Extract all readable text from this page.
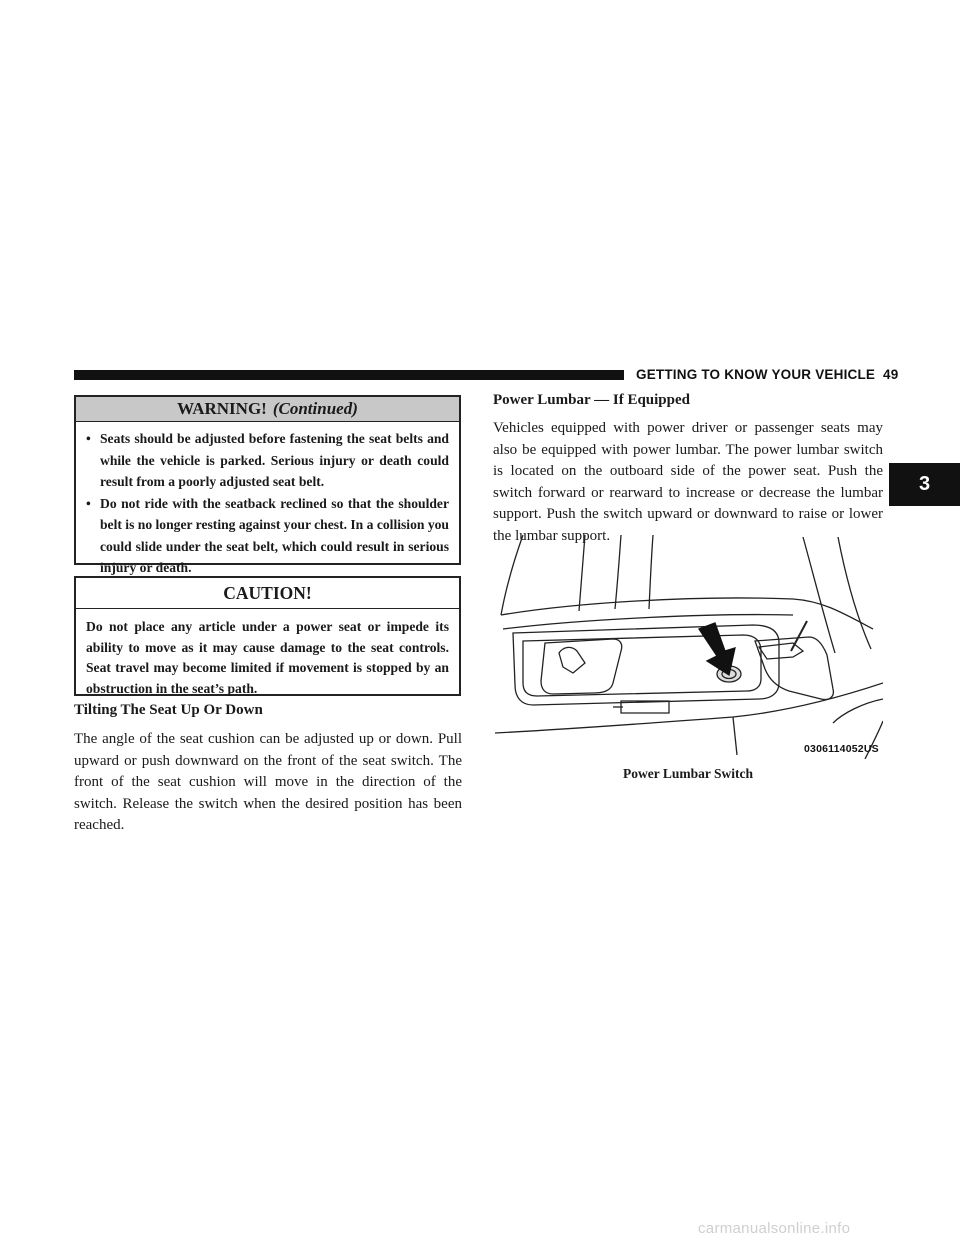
GETTING TO KNOW YOUR VEHICLE 49
3
WARNING! (Continued)
• Seats should be adjusted before fastening the seat belts and while the vehicle is parked. Serious injury or death could result from a poorly adjusted seat belt.
• Do not ride with the seatback reclined so that the shoulder belt is no longer resting against your chest. In a collision you could slide under the seat belt, which could result in serious injury or death.
CAUTION!
Do not place any article under a power seat or impede its ability to move as it may cause damage to the seat controls. Seat travel may become limited if movement is stopped by an obstruction in the seat’s path.
Tilting The Seat Up Or Down
The angle of the seat cushion can be adjusted up or down. Pull upward or push downward on the front of the seat switch. The front of the seat cushion will move in the direction of the switch. Release the switch when the desired position has been reached.
Power Lumbar — If Equipped
Vehicles equipped with power driver or passenger seats may also be equipped with power lumbar. The power lumbar switch is located on the outboard side of the power seat. Push the switch forward or rearward to increase or decrease the lumbar support. Push the switch upward or downward to raise or lower the lumbar support.
0306114052US
Power Lumbar Switch
carmanualsonline.info
